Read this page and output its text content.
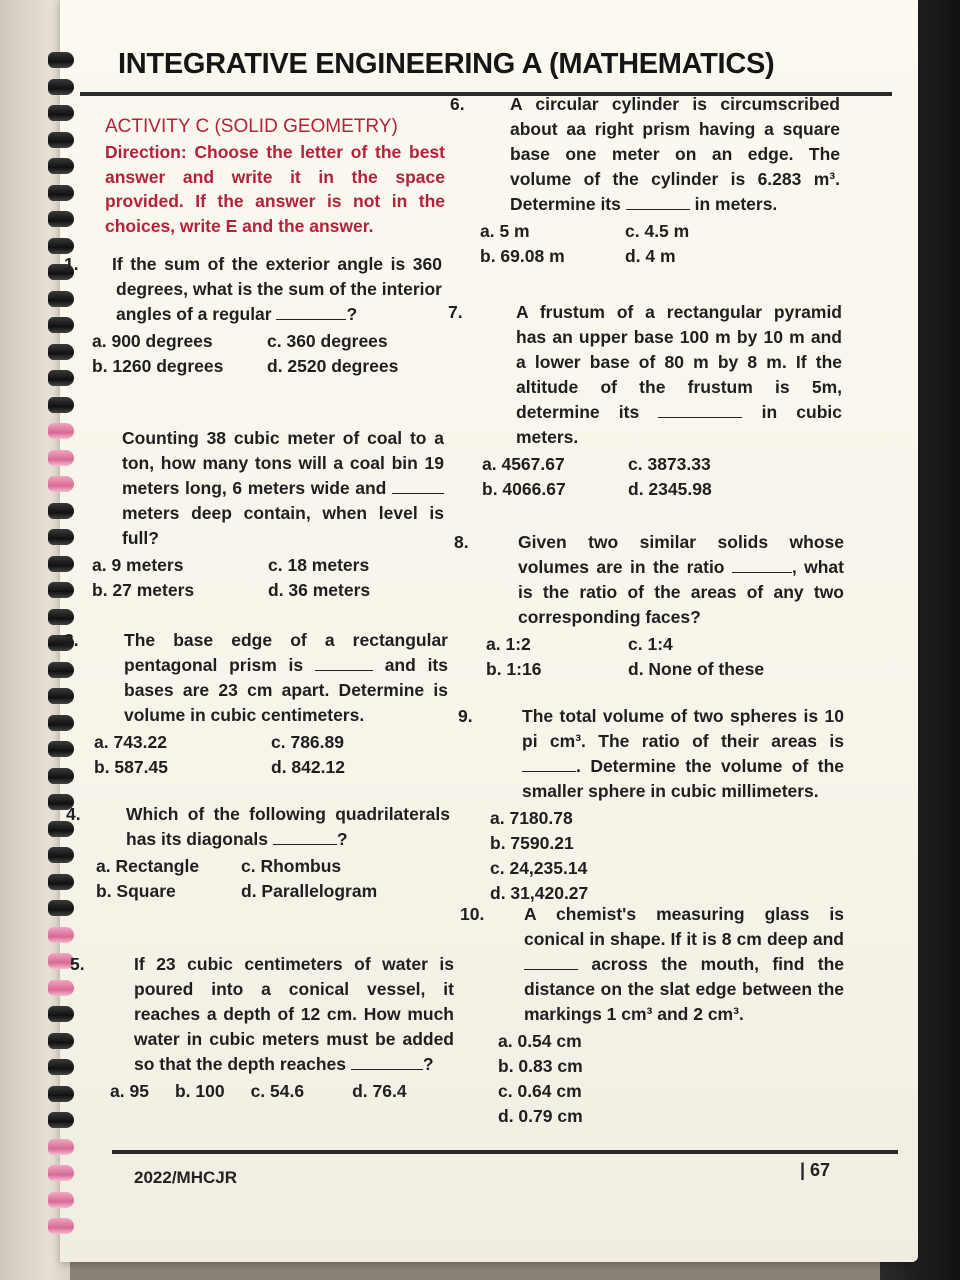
INTEGRATIVE ENGINEERING A (MATHEMATICS)
ACTIVITY C (SOLID GEOMETRY)
Direction: Choose the letter of the best answer and write it in the space provided. If the answer is not in the choices, write E and the answer.
1. If the sum of the exterior angle is 360 degrees, what is the sum of the interior angles of a regular	?
a. 900 degrees	c. 360 degrees
b. 1260 degrees	d. 2520 degrees
Counting 38 cubic meter of coal to a ton, how many tons will a coal bin 19 meters long, 6 meters wide and  meters deep contain, when level is full?
a. 9 meters	c. 18 meters
b. 27 meters	d. 36 meters
3.	The base edge of a rectangular pentagonal prism is	and its bases are 23 cm apart. Determine is volume in cubic centimeters.
a. 743.22	c. 786.89
b. 587.45	d. 842.12
4.	Which of the following quadrilaterals has its diagonals	?
a. Rectangle	c. Rhombus
b. Square	d. Parallelogram
5.	If 23 cubic centimeters of water is poured into a conical vessel, it reaches a depth of 12 cm. How much water in cubic meters must be added so that the depth reaches	?
a. 95 b. 100 c. 54.6	d. 76.4
6.	A circular cylinder is circumscribed about aa right prism having a square base one meter on an edge. The volume of the cylinder is 6.283 m³. Determine its	in meters.
a. 5 m	c. 4.5 m
b. 69.08 m	d. 4 m
7.	A frustum of a rectangular pyramid has an upper base 100 m by 10 m and a lower base of 80 m by 8 m. If the altitude of the frustum is 5m, determine its	in cubic meters.
a. 4567.67	c. 3873.33
b. 4066.67	d. 2345.98
8.	Given two similar solids whose volumes are in the ratio	, what is the ratio of the areas of any two corresponding faces?
a. 1:2	c. 1:4
b. 1:16	d. None of these
9.	The total volume of two spheres is 10 pi cm³. The ratio of their areas is . Determine the volume of the smaller sphere in cubic millimeters.
a. 7180.78
b. 7590.21
c. 24,235.14
d. 31,420.27
10. A chemist's measuring glass is conical in shape. If it is 8 cm deep and  across the mouth, find the distance on the slat edge between the markings 1 cm³ and 2 cm³.
a. 0.54 cm
b. 0.83 cm
c. 0.64 cm
d. 0.79 cm
2022/MHCJR	| 67
